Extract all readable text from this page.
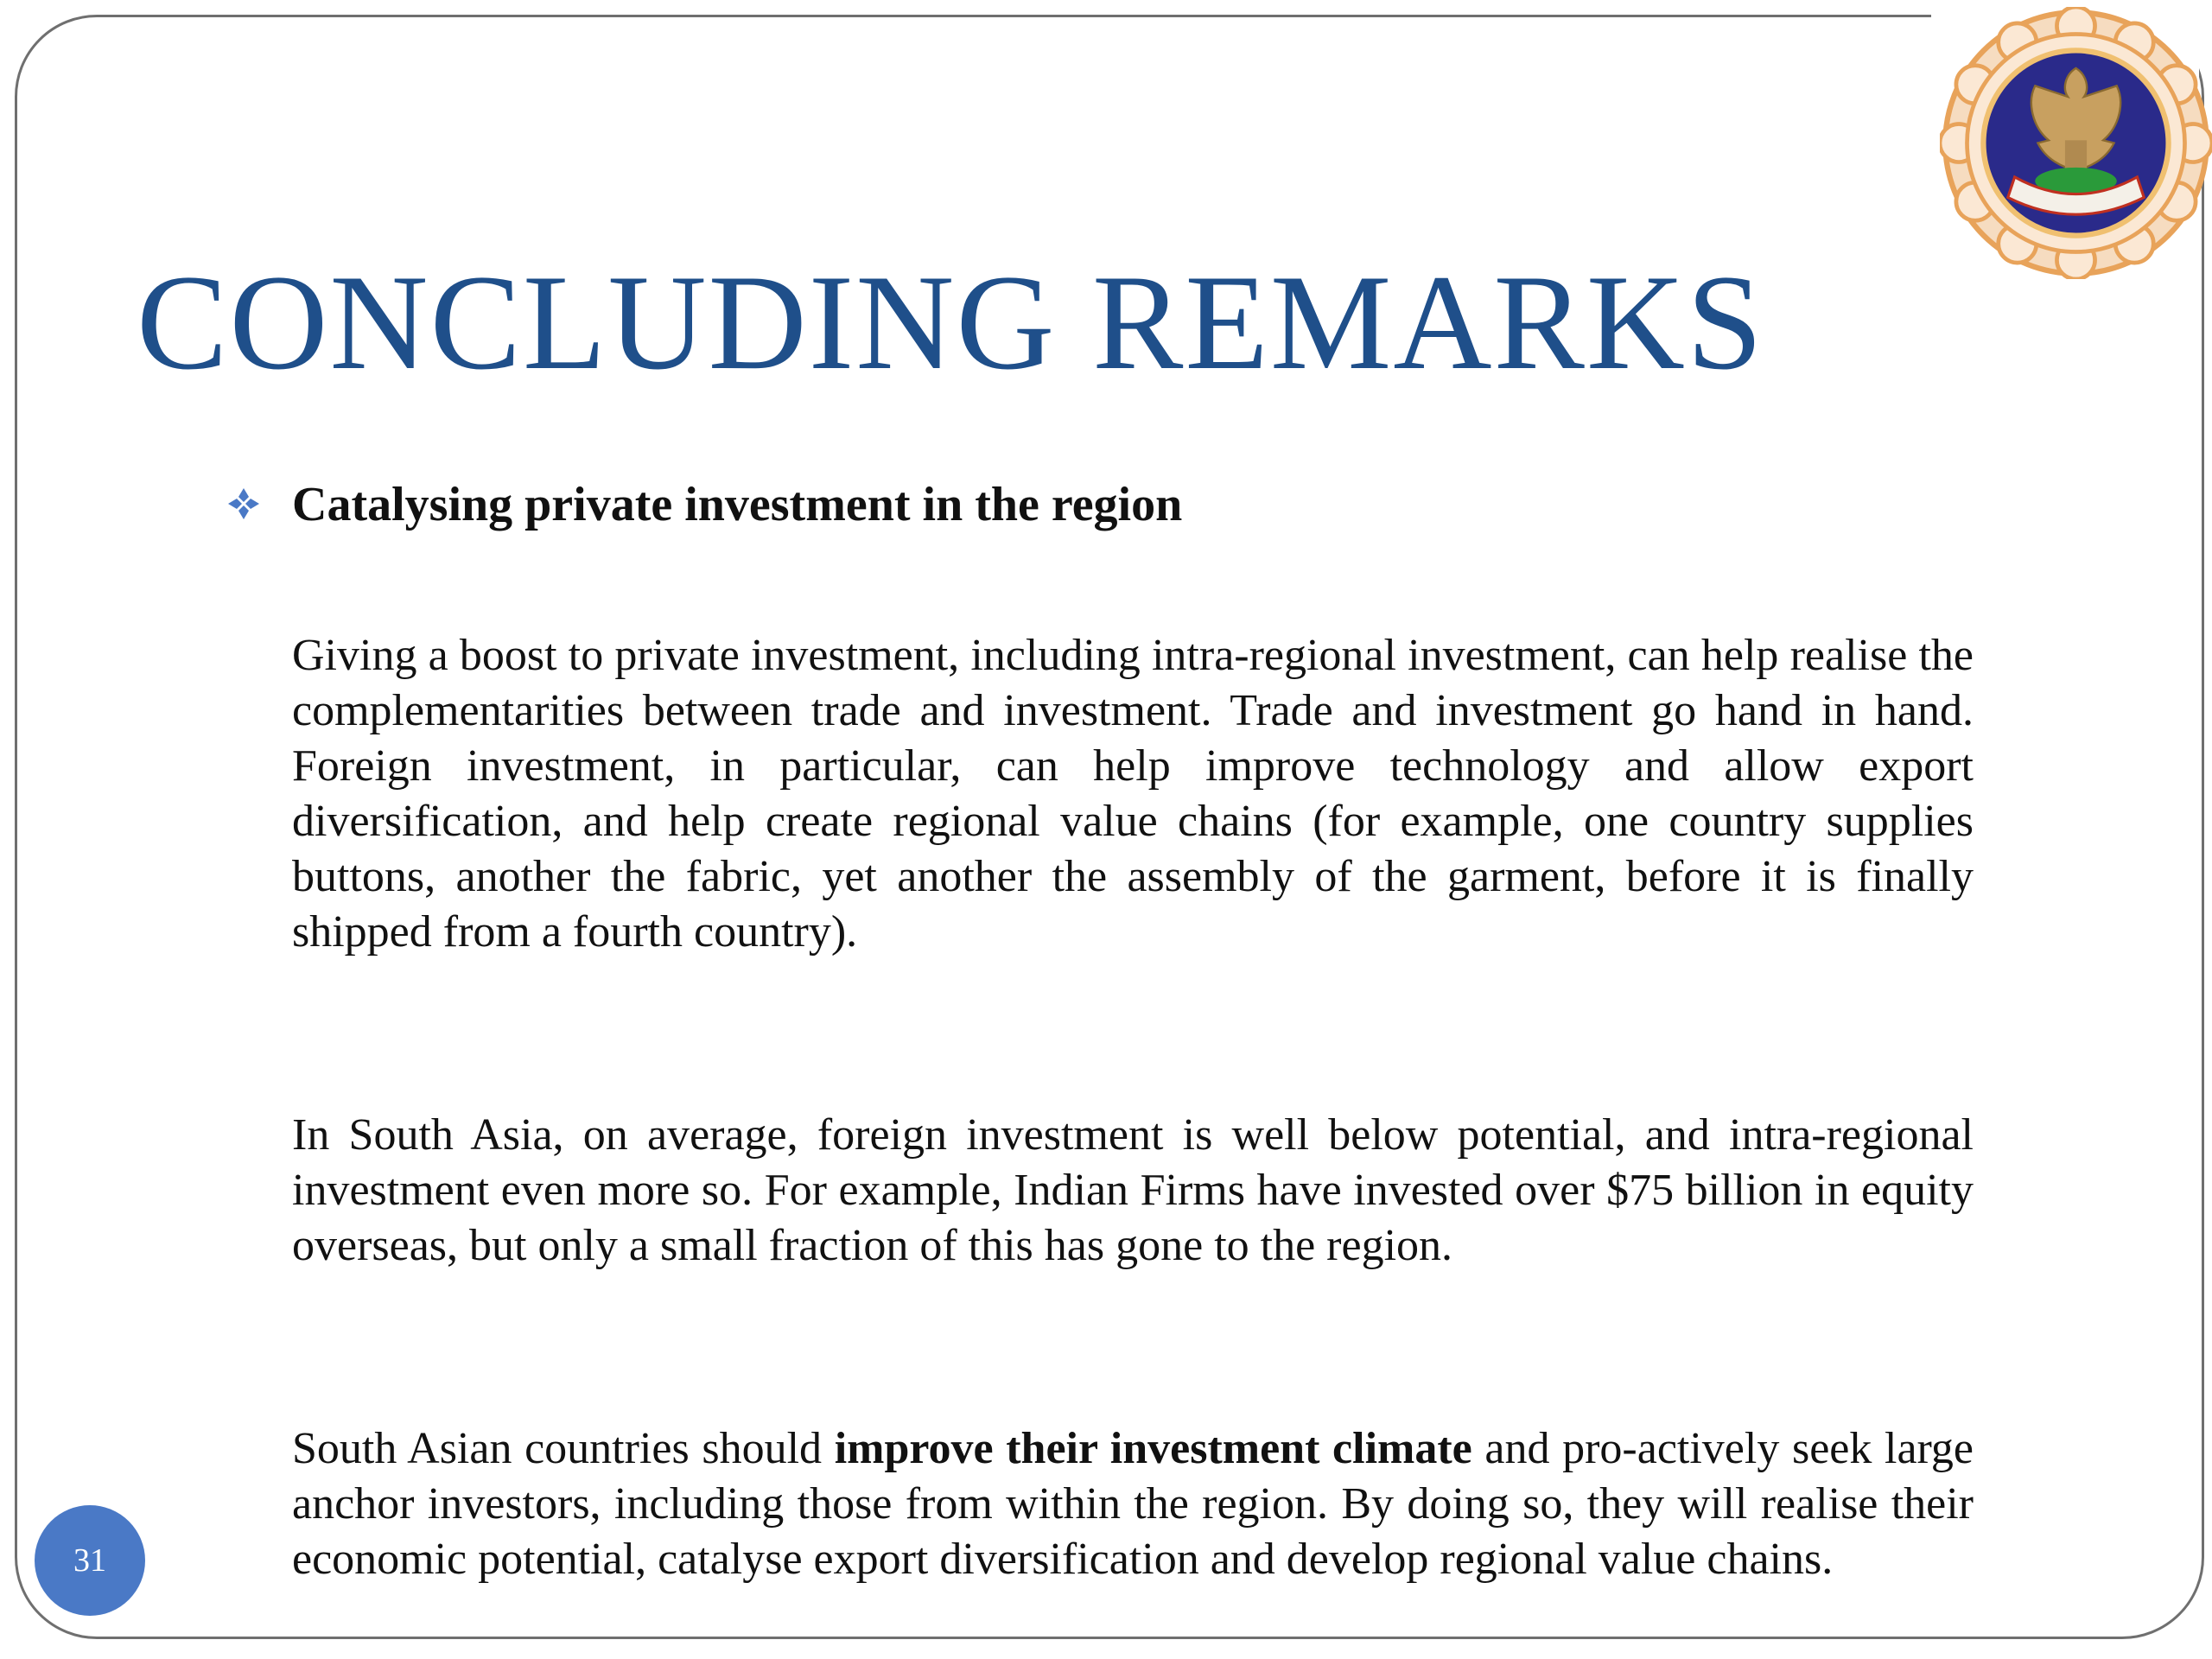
CONCLUDING REMARKS
Catalysing private investment in the region

Giving a boost to private investment, including intra-regional investment, can help realise the complementarities between trade and investment. Trade and investment go hand in hand. Foreign investment, in particular, can help improve technology and allow export diversification, and help create regional value chains (for example, one country supplies buttons, another the fabric, yet another the assembly of the garment, before it is finally shipped from a fourth country).

In South Asia, on average, foreign investment is well below potential, and intra-regional investment even more so. For example, Indian Firms have invested over $75 billion in equity overseas, but only a small fraction of this has gone to the region.

South Asian countries should improve their investment climate and pro-actively seek large anchor investors, including those from within the region. By doing so, they will realise their economic potential, catalyse export diversification and develop regional value chains.

31
